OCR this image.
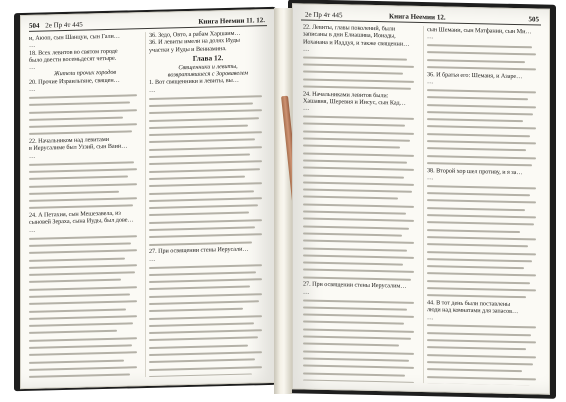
504 2е Пр 4т 445	Книга Неемии 11. 12.
и, Аюоп, сын Шанцуи, сын Гали…
…
18. Всех левитов во святом городе
было двести восемьдесят четыре.
…
Жители прочих городов
20. Прочие Израильтяне, священ…
…
22. Начальником над левитами
в Иерусалиме был Уззий, сын Ваии…
…
24. А Петахия, сын Мешезавела, из
сыновей Зераха, сына Иуды, был дове…
…
36. Зедо, Овто, а рабам Харшаим…
36. И левиты имели на долях Иуды
участки у Иуды и Вениамина.
Глава 12.
Священники и левиты,
возвратившиеся с Зоровавелем
1. Вот священники и левиты, вы…
…
27. При освящении стены Иерусали…
…
2е Пр 4т 445	Книга Неемии 12.	505
22. Левиты, главы поколений, были
записаны в дни Елиашива, Иоиады,
Иоханана и Иаддуя, и также священни…
…
24. Начальниками левитов были:
Хашавия, Шеревия и Иисус, сын Кад…
…
27. При освящении стены Иерусалим…
…
сын Шемаии, сын Матфании, сын Ми…
…
36. И братья его: Шемаия, и Азаре…
…
38. Второй хор шел противу, и я за…
…
44. В тот день были поставлены
люди над комнатами для запасов…
…
